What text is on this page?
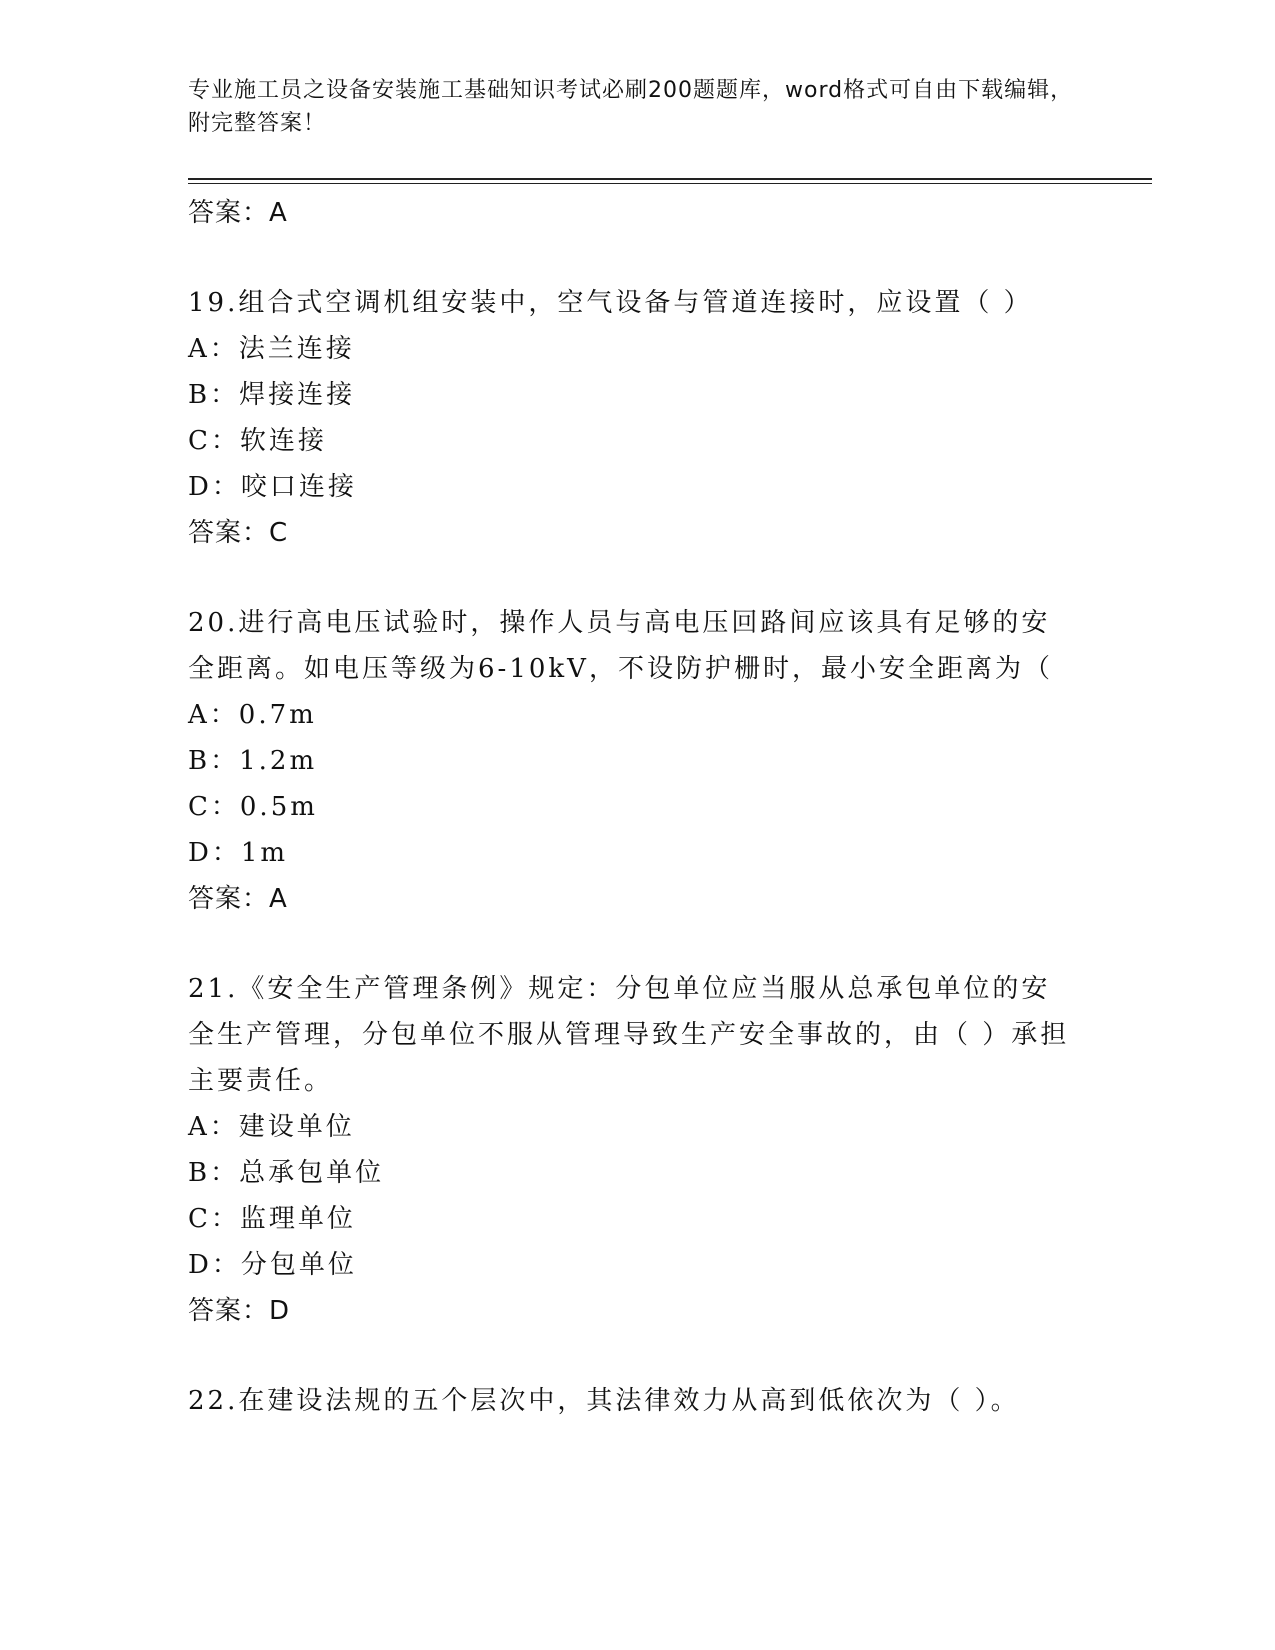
专业施工员之设备安装施工基础知识考试必刷200题题库，word格式可自由下载编辑，附完整答案！
答案：A
19.组合式空调机组安装中，空气设备与管道连接时，应设置（ ）
A：法兰连接
B：焊接连接
C：软连接
D：咬口连接
答案：C
20.进行高电压试验时，操作人员与高电压回路间应该具有足够的安全距离。如电压等级为6-10kV，不设防护栅时，最小安全距离为（
A：0.7m
B：1.2m
C：0.5m
D：1m
答案：A
21.《安全生产管理条例》规定：分包单位应当服从总承包单位的安全生产管理，分包单位不服从管理导致生产安全事故的，由（ ）承担主要责任。
A：建设单位
B：总承包单位
C：监理单位
D：分包单位
答案：D
22.在建设法规的五个层次中，其法律效力从高到低依次为（ ）。
